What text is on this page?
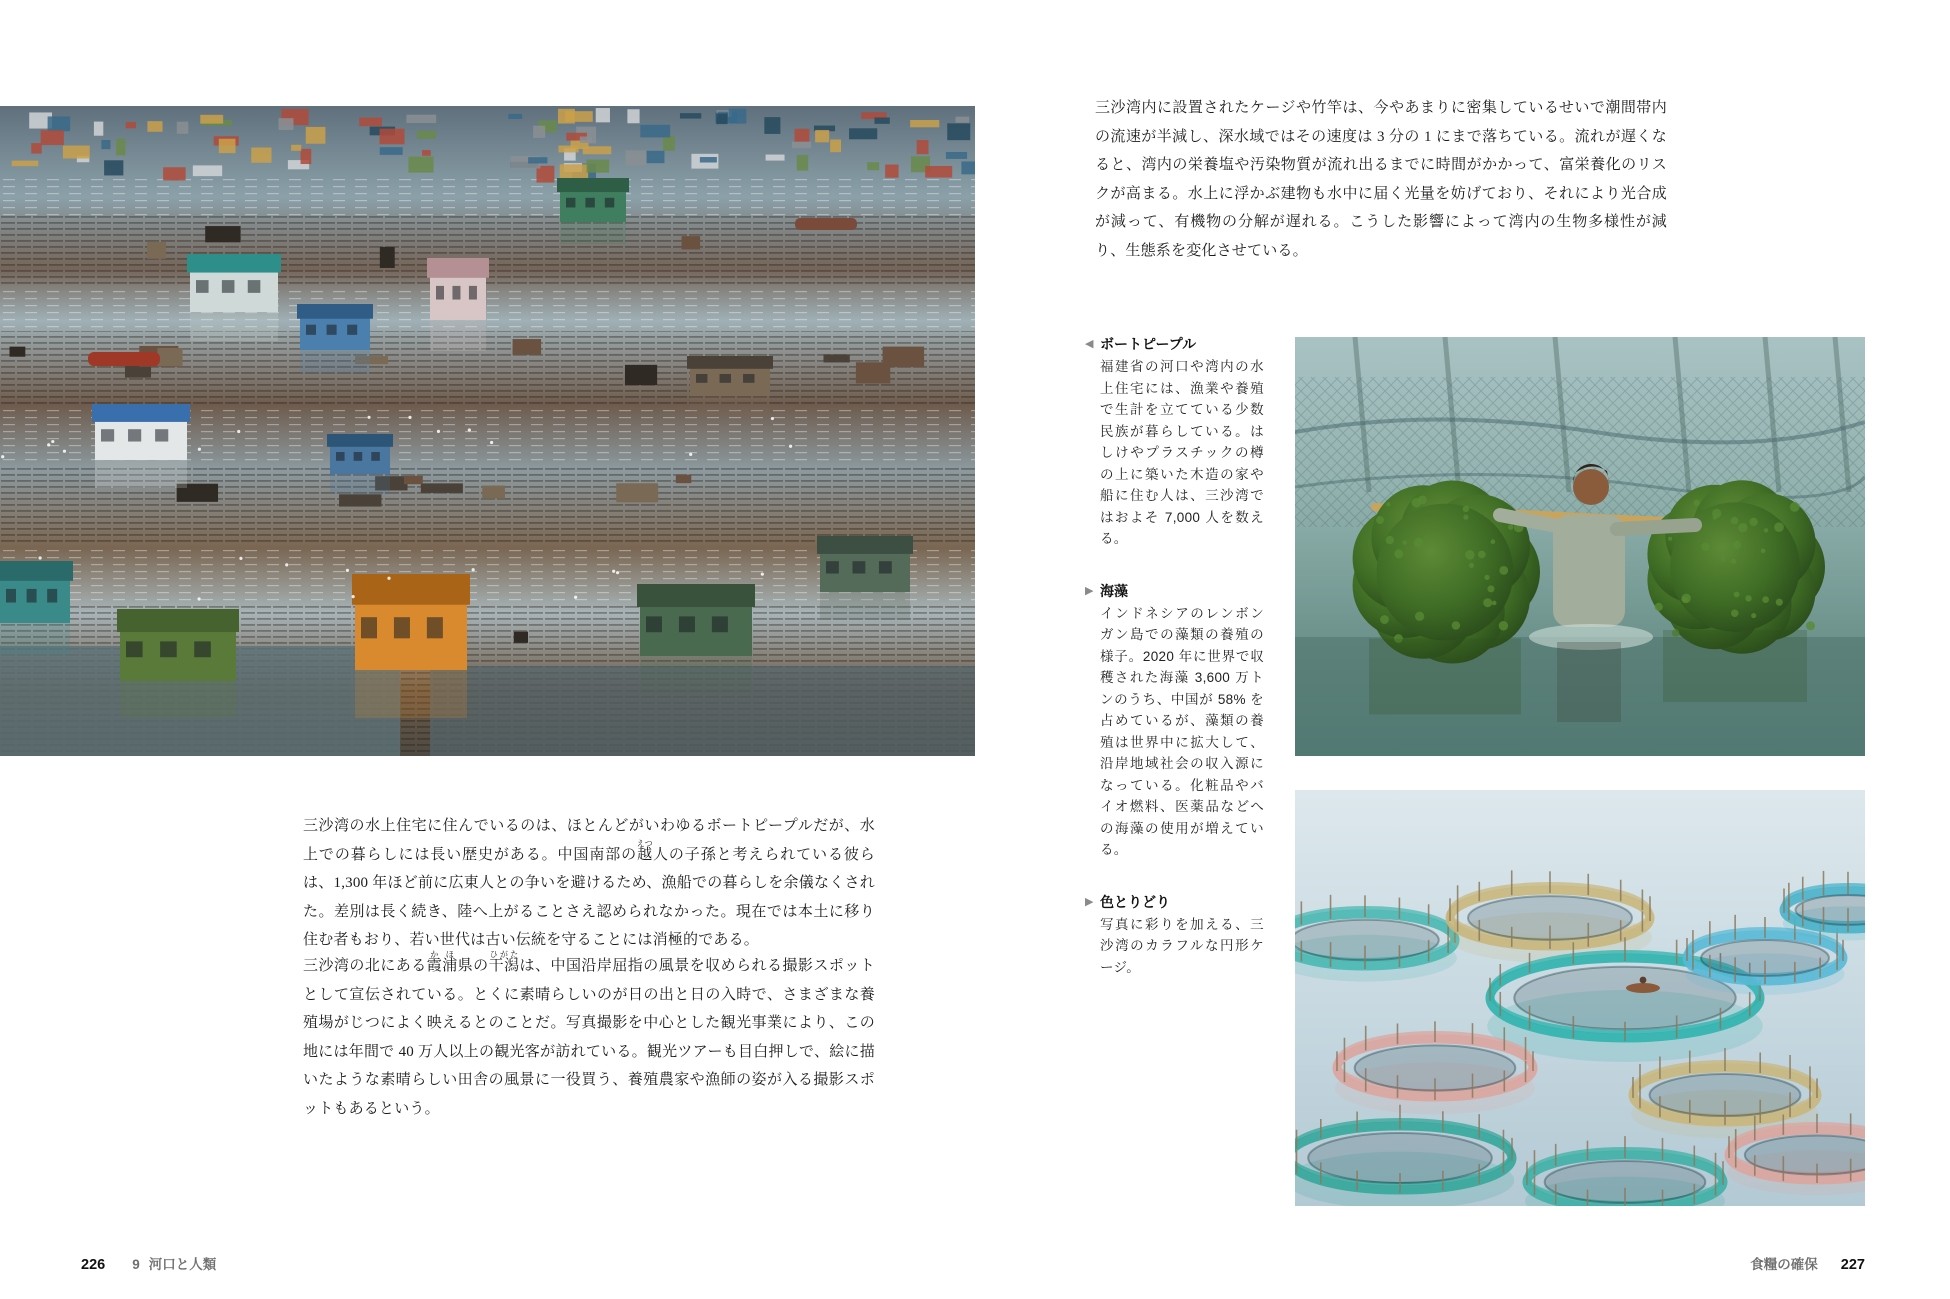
三沙湾内に設置されたケージや竹竿は、今やあまりに密集しているせいで潮間帯内の流速が半減し、深水域ではその速度は 3 分の 1 にまで落ちている。流れが遅くなると、湾内の栄養塩や汚染物質が流れ出るまでに時間がかかって、富栄養化のリスクが高まる。水上に浮かぶ建物も水中に届く光量を妨げており、それにより光合成が減って、有機物の分解が遅れる。こうした影響によって湾内の生物多様性が減り、生態系を変化させている。

◀ ボートピープル

福建省の河口や湾内の水上住宅には、漁業や養殖で生計を立てている少数民族が暮らしている。はしけやプラスチックの樽の上に築いた木造の家や船に住む人は、三沙湾ではおよそ 7,000 人を数える。

▶ 海藻

インドネシアのレンボンガン島での藻類の養殖の様子。2020 年に世界で収穫された海藻 3,600 万トンのうち、中国が 58% を占めているが、藻類の養殖は世界中に拡大して、沿岸地域社会の収入源になっている。化粧品やバイオ燃料、医薬品などへの海藻の使用が増えている。

▶ 色とりどり

写真に彩りを加える、三沙湾のカラフルな円形ケージ。

三沙湾の水上住宅に住んでいるのは、ほとんどがいわゆるボートピープルだが、水上での暮らしには長い歴史がある。中国南部の越えつ人の子孫と考えられている彼らは、1,300 年ほど前に広東人との争いを避けるため、漁船での暮らしを余儀なくされた。差別は長く続き、陸へ上がることさえ認められなかった。現在では本土に移り住む者もおり、若い世代は古い伝統を守ることには消極的である。

三沙湾の北にある霞浦かほ県の干潟ひがたは、中国沿岸屈指の風景を収められる撮影スポットとして宣伝されている。とくに素晴らしいのが日の出と日の入時で、さまざまな養殖場がじつによく映えるとのことだ。写真撮影を中心とした観光事業により、この地には年間で 40 万人以上の観光客が訪れている。観光ツアーも目白押しで、絵に描いたような素晴らしい田舎の風景に一役買う、養殖農家や漁師の姿が入る撮影スポットもあるという。

226 9 河口と人類	食糧の確保 227
